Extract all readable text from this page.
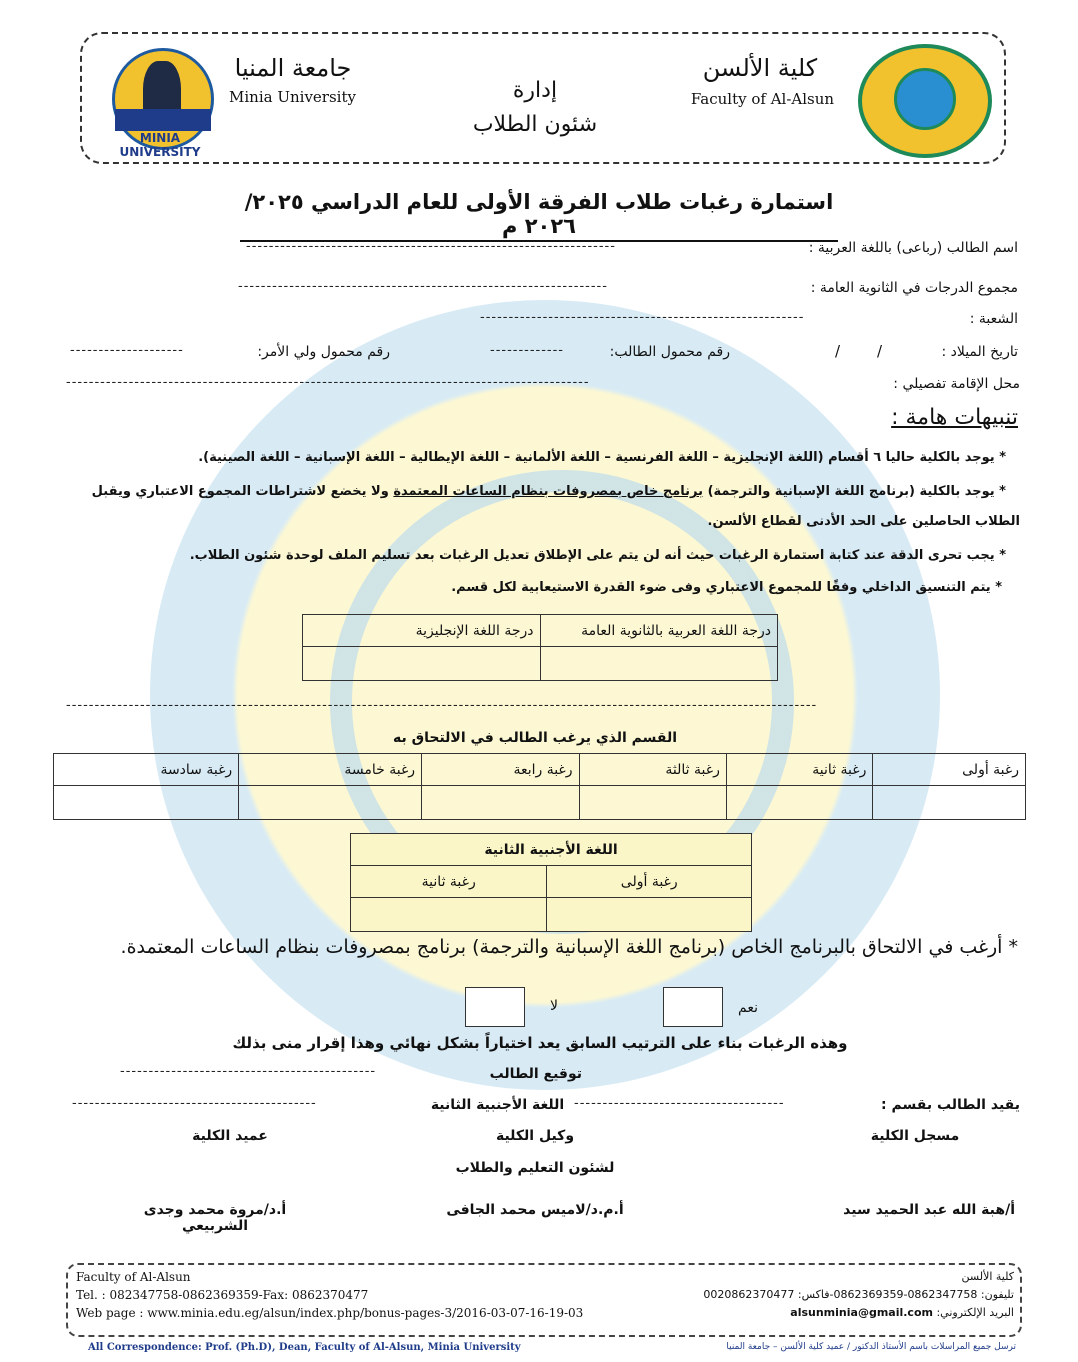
MINIA UNIVERSITY
جامعة المنيا
Minia University	إدارة
شئون الطلاب
كلية الألسن
Faculty of Al-Alsun
استمارة رغبات طلاب الفرقة الأولى للعام الدراسي ٢٠٢٥/ ٢٠٢٦ م
اسم الطالب (رباعى) باللغة العربية :
-----------------------------------------------------------------
مجموع الدرجات في الثانوية العامة :
-----------------------------------------------------------------
الشعبة :
---------------------------------------------------------
تاريخ الميلاد :
/
/
رقم محمول الطالب:
-------------
رقم محمول ولي الأمر:
--------------------
محل الإقامة تفصيلي :
--------------------------------------------------------------------------------------------
تنبيهات هامة :
* يوجد بالكلية حاليا ٦ أقسام (اللغة الإنجليزية – اللغة الفرنسية – اللغة الألمانية – اللغة الإيطالية – اللغة الإسبانية – اللغة الصينية).
* يوجد بالكلية (برنامج اللغة الإسبانية والترجمة) برنامج خاص بمصروفات بنظام الساعات المعتمدة ولا يخضع لاشتراطات المجموع الاعتباري ويقبل
الطلاب الحاصلين على الحد الأدنى لقطاع الألسن.
* يجب تحرى الدقة عند كتابة استمارة الرغبات حيث أنه لن يتم على الإطلاق تعديل الرغبات بعد تسليم الملف لوحدة شئون الطلاب.
* يتم التنسيق الداخلي وفقًا للمجموع الاعتباري وفى ضوء القدرة الاستيعابية لكل قسم.
درجة اللغة العربية بالثانوية العامة	درجة اللغة الإنجليزية

------------------------------------------------------------------------------------------------------------------------------------
القسم الذي يرغب الطالب في الالتحاق به
رغبة أولى	رغبة ثانية	رغبة ثالثة	رغبة رابعة	رغبة خامسة	رغبة سادسة

اللغة الأجنبية الثانية	
رغبة أولى	رغبة ثانية

* أرغب في الالتحاق بالبرنامج الخاص (برنامج اللغة الإسبانية والترجمة) برنامج بمصروفات بنظام الساعات المعتمدة.
نعم
لا
وهذه الرغبات بناء على الترتيب السابق يعد اختياراً بشكل نهائي وهذا إقرار منى بذلك
توقيع الطالب
---------------------------------------------
يقيد الطالب بقسم :
-------------------------------------
اللغة الأجنبية الثانية
-------------------------------------------
مسجل الكلية
وكيل الكلية
لشئون التعليم والطلاب
عميد الكلية
أ/هبة الله عبد الحميد سيد
أ.م.د/لاميس محمد الجافى
أ.د/مروة محمد وجدى الشربيعي
Faculty of Al-Alsun
Tel. : 082347758-0862369359-Fax: 0862370477
Web page : www.minia.edu.eg/alsun/index.php/bonus-pages-3/2016-03-07-16-19-03
كلية الألسن
تليفون: 0862347758-0862369359-فاكس: 0020862370477
البريد الإلكتروني: alsunminia@gmail.com
All Correspondence: Prof. (Ph.D), Dean, Faculty of Al-Alsun, Minia University	ترسل جميع المراسلات باسم الأستاذ الدكتور / عميد كلية الألسن – جامعة المنيا
